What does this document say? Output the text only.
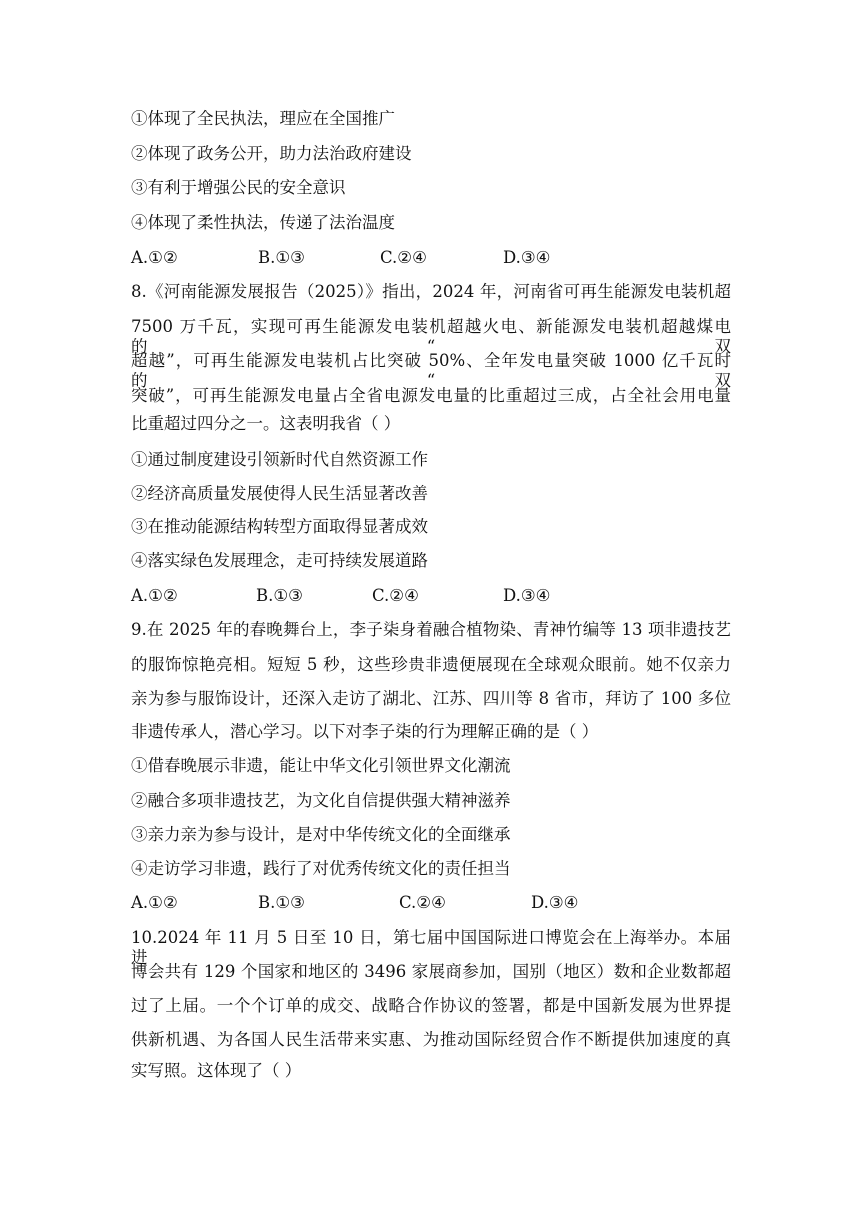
①体现了全民执法，理应在全国推广
②体现了政务公开，助力法治政府建设
③有利于增强公民的安全意识
④体现了柔性执法，传递了法治温度
A.①②	B.①③	C.②④	D.③④
8.《河南能源发展报告（2025）》指出，2024 年，河南省可再生能源发电装机超
7500 万千瓦，实现可再生能源发电装机超越火电、新能源发电装机超越煤电的“双
超越”，可再生能源发电装机占比突破 50%、全年发电量突破 1000 亿千瓦时的“双
突破”，可再生能源发电量占全省电源发电量的比重超过三成，占全社会用电量
比重超过四分之一。这表明我省（ ）
①通过制度建设引领新时代自然资源工作
②经济高质量发展使得人民生活显著改善
③在推动能源结构转型方面取得显著成效
④落实绿色发展理念，走可持续发展道路
A.①②	B.①③	C.②④	D.③④
9.在 2025 年的春晚舞台上，李子柒身着融合植物染、青神竹编等 13 项非遗技艺
的服饰惊艳亮相。短短 5 秒，这些珍贵非遗便展现在全球观众眼前。她不仅亲力
亲为参与服饰设计，还深入走访了湖北、江苏、四川等 8 省市，拜访了 100 多位
非遗传承人，潜心学习。以下对李子柒的行为理解正确的是（ ）
①借春晚展示非遗，能让中华文化引领世界文化潮流
②融合多项非遗技艺，为文化自信提供强大精神滋养
③亲力亲为参与设计，是对中华传统文化的全面继承
④走访学习非遗，践行了对优秀传统文化的责任担当
A.①②	B.①③	C.②④	D.③④
10.2024 年 11 月 5 日至 10 日，第七届中国国际进口博览会在上海举办。本届进
博会共有 129 个国家和地区的 3496 家展商参加，国别（地区）数和企业数都超
过了上届。一个个订单的成交、战略合作协议的签署，都是中国新发展为世界提
供新机遇、为各国人民生活带来实惠、为推动国际经贸合作不断提供加速度的真
实写照。这体现了（ ）
